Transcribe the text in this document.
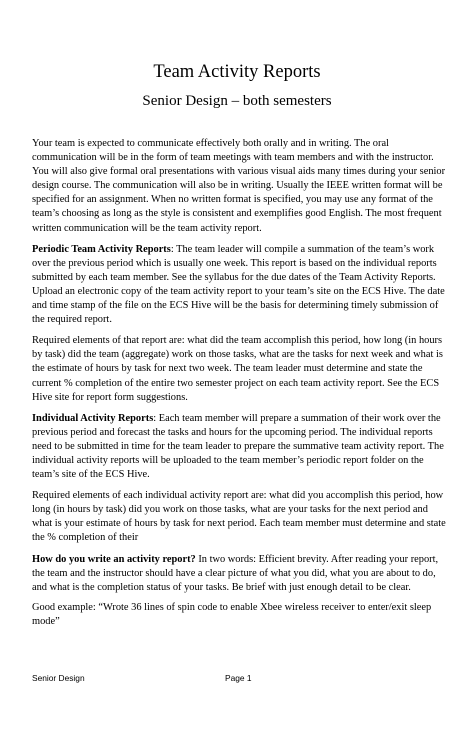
Team Activity Reports
Senior Design – both semesters

Your team is expected to communicate effectively both orally and in writing. The oral communication will be in the form of team meetings with team members and with the instructor. You will also give formal oral presentations with various visual aids many times during your senior design course. The communication will also be in writing. Usually the IEEE written format will be specified for an assignment. When no written format is specified, you may use any format of the team’s choosing as long as the style is consistent and exemplifies good English. The most frequent written communication will be the team activity report.

Periodic Team Activity Reports: The team leader will compile a summation of the team’s work over the previous period which is usually one week. This report is based on the individual reports submitted by each team member. See the syllabus for the due dates of the Team Activity Reports. Upload an electronic copy of the team activity report to your team’s site on the ECS Hive. The date and time stamp of the file on the ECS Hive will be the basis for determining timely submission of the required report.

Required elements of that report are: what did the team accomplish this period, how long (in hours by task) did the team (aggregate) work on those tasks, what are the tasks for next week and what is the estimate of hours by task for next two week. The team leader must determine and state the current % completion of the entire two semester project on each team activity report. See the ECS Hive site for report form suggestions.

Individual Activity Reports: Each team member will prepare a summation of their work over the previous period and forecast the tasks and hours for the upcoming period. The individual reports need to be submitted in time for the team leader to prepare the summative team activity report. The individual activity reports will be uploaded to the team member’s periodic report folder on the team’s site of the ECS Hive.

Required elements of each individual activity report are: what did you accomplish this period, how long (in hours by task) did you work on those tasks, what are your tasks for the next period and what is your estimate of hours by task for next period. Each team member must determine and state the % completion of their

How do you write an activity report? In two words: Efficient brevity. After reading your report, the team and the instructor should have a clear picture of what you did, what you are about to do, and what is the completion status of your tasks. Be brief with just enough detail to be clear.

Good example: “Wrote 36 lines of spin code to enable Xbee wireless receiver to enter/exit sleep mode”

Senior Design	Page 1
